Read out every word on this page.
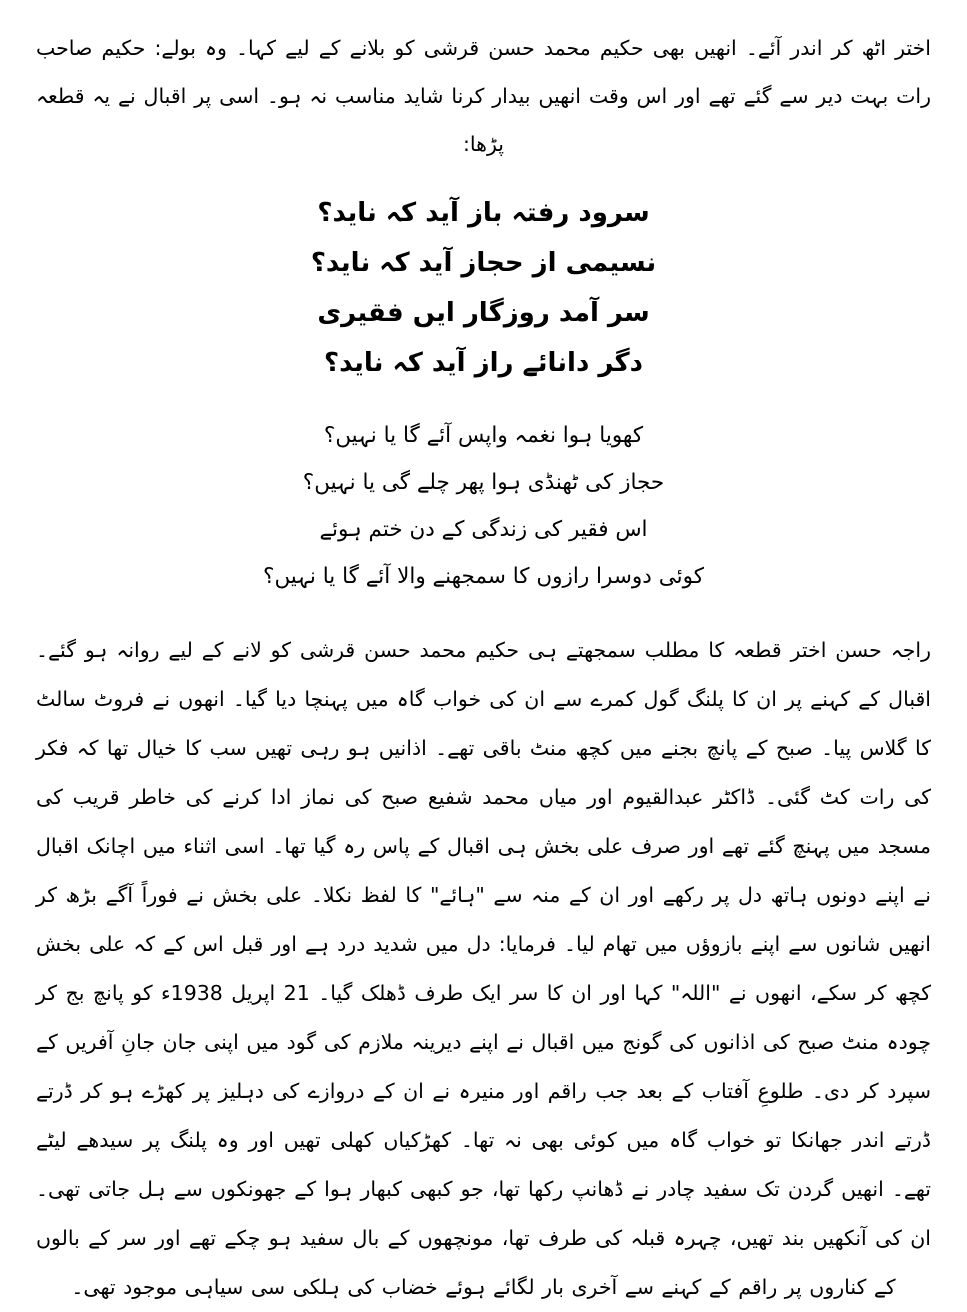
اختر اٹھ کر اندر آئے۔ انھیں بھی حکیم محمد حسن قرشی کو بلانے کے لیے کہا۔ وہ بولے: حکیم صاحب رات بہت دیر سے گئے تھے اور اس وقت انھیں بیدار کرنا شاید مناسب نہ ہو۔ اسی پر اقبال نے یہ قطعہ پڑھا:

سرود رفتہ باز آید کہ ناید؟
نسیمی از حجاز آید کہ ناید؟
سر آمد روزگار ایں فقیری
دگر دانائے راز آید کہ ناید؟
کھویا ہوا نغمہ واپس آئے گا یا نہیں؟
حجاز کی ٹھنڈی ہوا پھر چلے گی یا نہیں؟
اس فقیر کی زندگی کے دن ختم ہوئے
کوئی دوسرا رازوں کا سمجھنے والا آئے گا یا نہیں؟

راجہ حسن اختر قطعہ کا مطلب سمجھتے ہی حکیم محمد حسن قرشی کو لانے کے لیے روانہ ہو گئے۔ اقبال کے کہنے پر ان کا پلنگ گول کمرے سے ان کی خواب گاہ میں پہنچا دیا گیا۔ انھوں نے فروٹ سالٹ کا گلاس پیا۔ صبح کے پانچ بجنے میں کچھ منٹ باقی تھے۔ اذانیں ہو رہی تھیں سب کا خیال تھا کہ فکر کی رات کٹ گئی۔ ڈاکٹر عبدالقیوم اور میاں محمد شفیع صبح کی نماز ادا کرنے کی خاطر قریب کی مسجد میں پہنچ گئے تھے اور صرف علی بخش ہی اقبال کے پاس رہ گیا تھا۔ اسی اثناء میں اچانک اقبال نے اپنے دونوں ہاتھ دل پر رکھے اور ان کے منہ سے "ہائے" کا لفظ نکلا۔ علی بخش نے فوراً آگے بڑھ کر انھیں شانوں سے اپنے بازوؤں میں تھام لیا۔ فرمایا: دل میں شدید درد ہے اور قبل اس کے کہ علی بخش کچھ کر سکے، انھوں نے "اللہ" کہا اور ان کا سر ایک طرف ڈھلک گیا۔ 21 اپریل 1938ء کو پانچ بج کر چودہ منٹ صبح کی اذانوں کی گونج میں اقبال نے اپنے دیرینہ ملازم کی گود میں اپنی جان جانِ آفریں کے سپرد کر دی۔ طلوعِ آفتاب کے بعد جب راقم اور منیرہ نے ان کے دروازے کی دہلیز پر کھڑے ہو کر ڈرتے ڈرتے اندر جھانکا تو خواب گاہ میں کوئی بھی نہ تھا۔ کھڑکیاں کھلی تھیں اور وہ پلنگ پر سیدھے لیٹے تھے۔ انھیں گردن تک سفید چادر نے ڈھانپ رکھا تھا، جو کبھی کبھار ہوا کے جھونکوں سے ہل جاتی تھی۔ ان کی آنکھیں بند تھیں، چہرہ قبلہ کی طرف تھا، مونچھوں کے بال سفید ہو چکے تھے اور سر کے بالوں کے کناروں پر راقم کے کہنے سے آخری بار لگائے ہوئے خضاب کی ہلکی سی سیاہی موجود تھی۔
